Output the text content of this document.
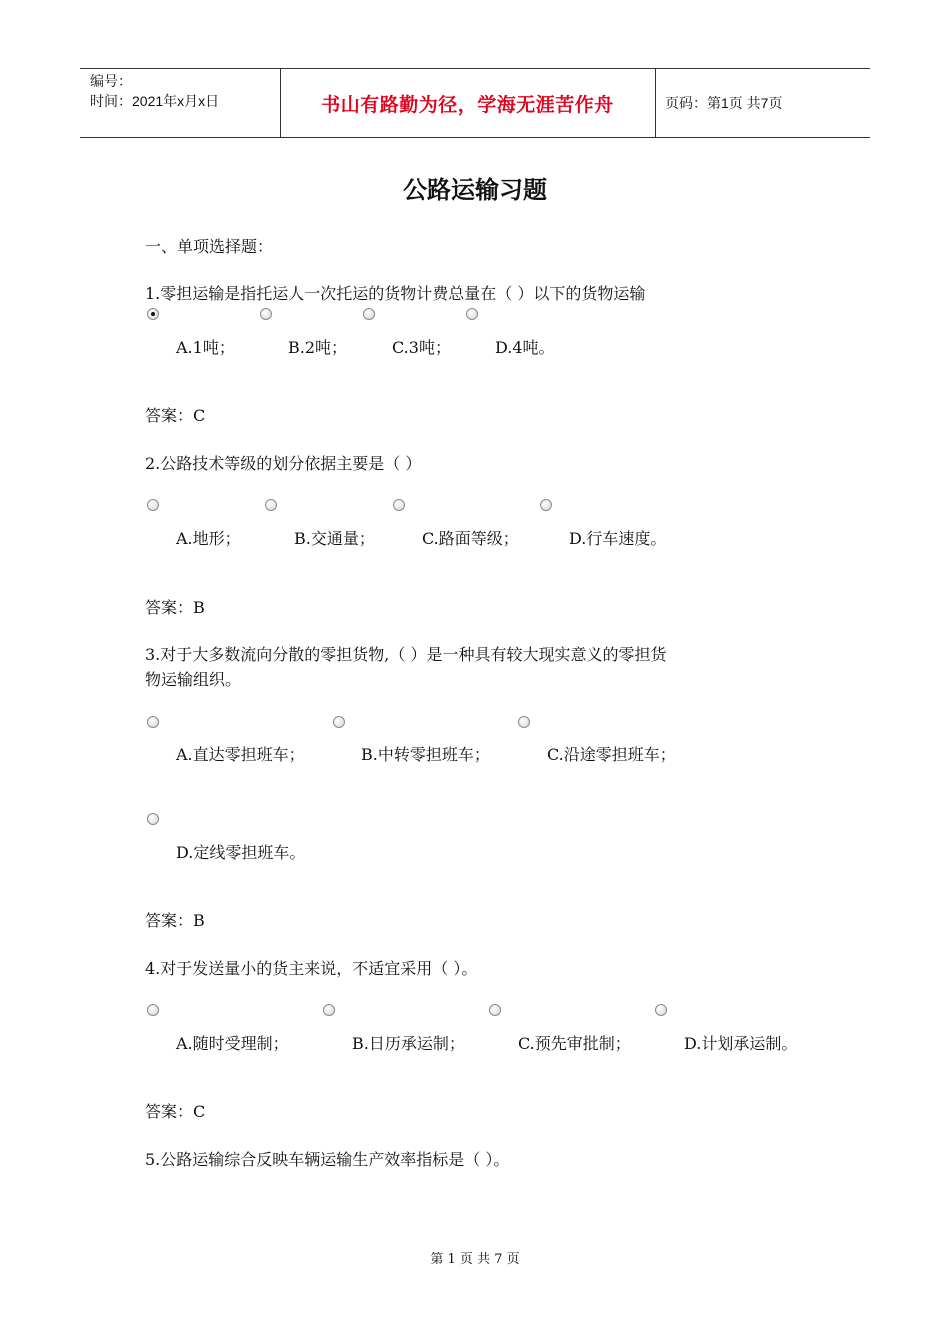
编号：
时间：2021年x月x日	书山有路勤为径，学海无涯苦作舟	页码：第1页 共7页
公路运输习题
一、单项选择题：
1.零担运输是指托运人一次托运的货物计费总量在（ ）以下的货物运输
A.1吨；	B.2吨；	C.3吨；	D.4吨。
答案：C
2.公路技术等级的划分依据主要是（ ）
A.地形；	B.交通量；	C.路面等级；	D.行车速度。
答案：B
3.对于大多数流向分散的零担货物,（ ）是一种具有较大现实意义的零担货
物运输组织。
A.直达零担班车；	B.中转零担班车；	C.沿途零担班车；
D.定线零担班车。
答案：B
4.对于发送量小的货主来说，不适宜采用（ ）。
A.随时受理制；	B.日历承运制；	C.预先审批制；	D.计划承运制。
答案：C
5.公路运输综合反映车辆运输生产效率指标是（ ）。
第 1 页 共 7 页
